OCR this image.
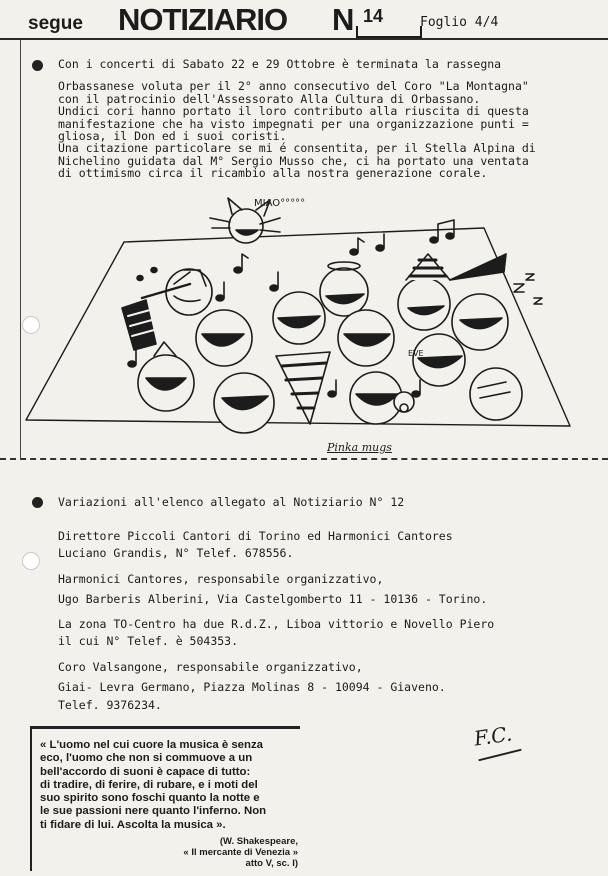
segue NOTIZIARIO N 14	Foglio 4/4
Con i concerti di Sabato 22 e 29 Ottobre è terminata la rassegna
Orbassanese voluta per il 2° anno consecutivo del Coro "La Montagna"
con il patrocinio dell'Assessorato Alla Cultura di Orbassano.
Undici cori hanno portato il loro contributo alla riuscita di questa
manifestazione che ha visto impegnati per una organizzazione punti =
gliosa, il Don ed i suoi coristi.
Una citazione particolare se mi é consentita, per il Stella Alpina di
Nichelino guidata dal M° Sergio Musso che, ci ha portato una ventata
di ottimismo circa il ricambio alla nostra generazione corale.
MIAO°°°°°
EVE
Pinka mugs
Variazioni all'elenco allegato al Notiziario N° 12
Direttore Piccoli Cantori di Torino ed Harmonici Cantores
Luciano Grandis, N° Telef. 678556.
Harmonici Cantores, responsabile organizzativo,
Ugo Barberis Alberini, Via Castelgomberto 11 - 10136 - Torino.
La zona TO-Centro ha due R.d.Z., Liboa vittorio e Novello Piero
il cui N° Telef. è 504353.
Coro Valsangone, responsabile organizzativo,
Giai- Levra Germano, Piazza Molinas 8 - 10094 - Giaveno.
Telef. 9376234.
« L'uomo nel cui cuore la musica è senza
eco, l'uomo che non si commuove a un
bell'accordo di suoni è capace di tutto:
di tradire, di ferire, di rubare, e i moti del
suo spirito sono foschi quanto la notte e
le sue passioni nere quanto l'inferno. Non
ti fidare di lui. Ascolta la musica ».
(W. Shakespeare,
« Il mercante di Venezia »
atto V, sc. I)
F.C.
